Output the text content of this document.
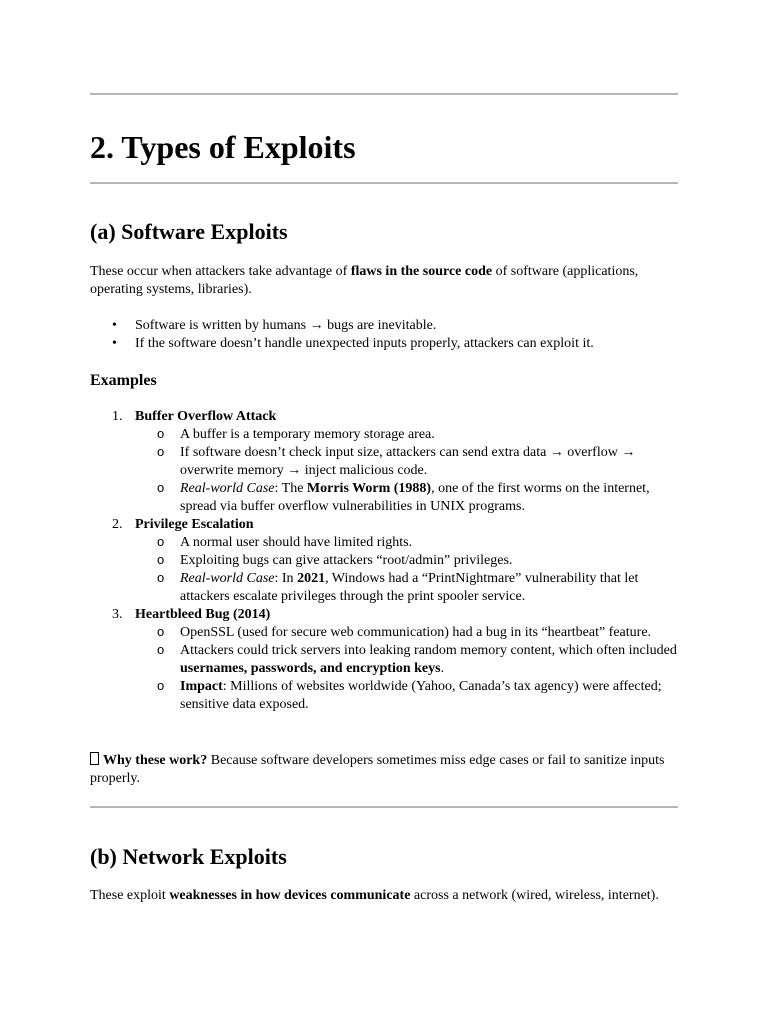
2. Types of Exploits
(a) Software Exploits

These occur when attackers take advantage of flaws in the source code of software (applications, operating systems, libraries).

• Software is written by humans → bugs are inevitable.
• If the software doesn’t handle unexpected inputs properly, attackers can exploit it.
Examples
1. Buffer Overflow Attack
o A buffer is a temporary memory storage area.
o If software doesn’t check input size, attackers can send extra data → overflow → overwrite memory → inject malicious code.
o Real-world Case: The Morris Worm (1988), one of the first worms on the internet, spread via buffer overflow vulnerabilities in UNIX programs.
2. Privilege Escalation
o A normal user should have limited rights.
o Exploiting bugs can give attackers “root/admin” privileges.
o Real-world Case: In 2021, Windows had a “PrintNightmare” vulnerability that let attackers escalate privileges through the print spooler service.
3. Heartbleed Bug (2014)
o OpenSSL (used for secure web communication) had a bug in its “heartbeat” feature.
o Attackers could trick servers into leaking random memory content, which often included usernames, passwords, and encryption keys.
o Impact: Millions of websites worldwide (Yahoo, Canada’s tax agency) were affected; sensitive data exposed.

Why these work? Because software developers sometimes miss edge cases or fail to sanitize inputs properly.

(b) Network Exploits

These exploit weaknesses in how devices communicate across a network (wired, wireless, internet).
